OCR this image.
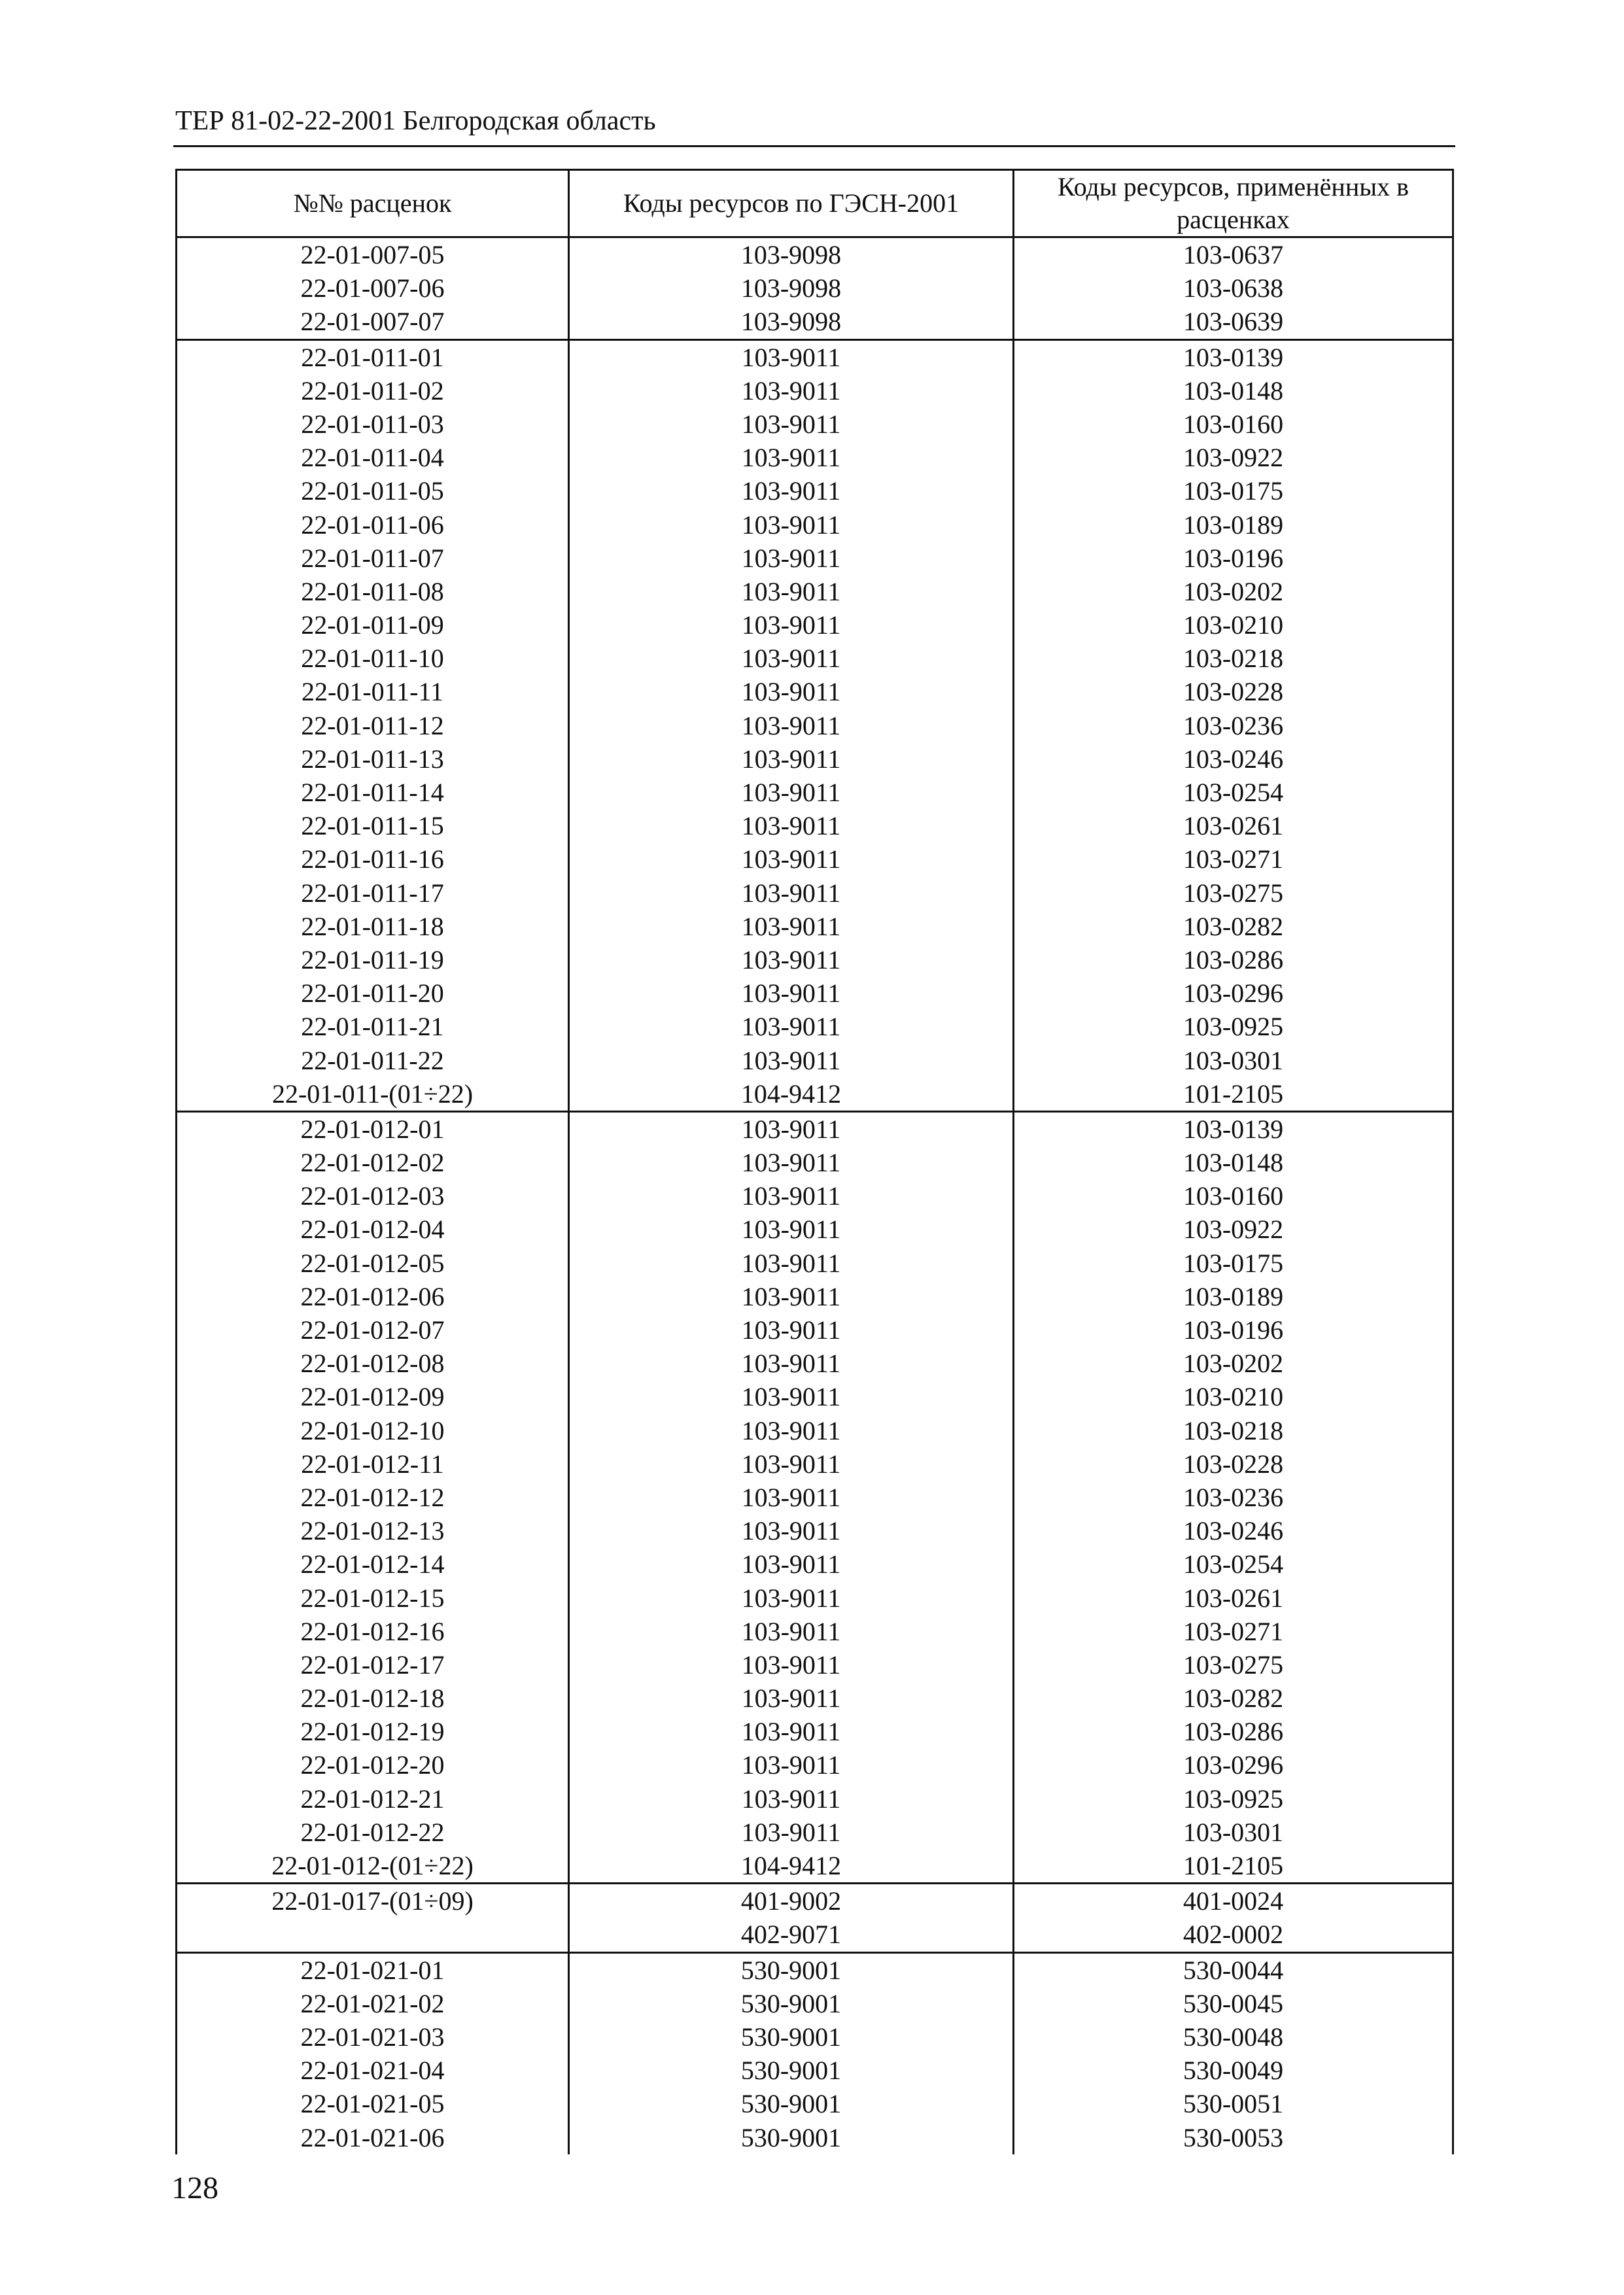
ТЕР 81-02-22-2001 Белгородская область
№№ расценок	Коды ресурсов по ГЭСН-2001	Коды ресурсов, применённых в расценках
22-01-007-05	103-9098	103-0637
22-01-007-06	103-9098	103-0638
22-01-007-07	103-9098	103-0639
22-01-011-01	103-9011	103-0139
22-01-011-02	103-9011	103-0148
22-01-011-03	103-9011	103-0160
22-01-011-04	103-9011	103-0922
22-01-011-05	103-9011	103-0175
22-01-011-06	103-9011	103-0189
22-01-011-07	103-9011	103-0196
22-01-011-08	103-9011	103-0202
22-01-011-09	103-9011	103-0210
22-01-011-10	103-9011	103-0218
22-01-011-11	103-9011	103-0228
22-01-011-12	103-9011	103-0236
22-01-011-13	103-9011	103-0246
22-01-011-14	103-9011	103-0254
22-01-011-15	103-9011	103-0261
22-01-011-16	103-9011	103-0271
22-01-011-17	103-9011	103-0275
22-01-011-18	103-9011	103-0282
22-01-011-19	103-9011	103-0286
22-01-011-20	103-9011	103-0296
22-01-011-21	103-9011	103-0925
22-01-011-22	103-9011	103-0301
22-01-011-(01÷22)	104-9412	101-2105
22-01-012-01	103-9011	103-0139
22-01-012-02	103-9011	103-0148
22-01-012-03	103-9011	103-0160
22-01-012-04	103-9011	103-0922
22-01-012-05	103-9011	103-0175
22-01-012-06	103-9011	103-0189
22-01-012-07	103-9011	103-0196
22-01-012-08	103-9011	103-0202
22-01-012-09	103-9011	103-0210
22-01-012-10	103-9011	103-0218
22-01-012-11	103-9011	103-0228
22-01-012-12	103-9011	103-0236
22-01-012-13	103-9011	103-0246
22-01-012-14	103-9011	103-0254
22-01-012-15	103-9011	103-0261
22-01-012-16	103-9011	103-0271
22-01-012-17	103-9011	103-0275
22-01-012-18	103-9011	103-0282
22-01-012-19	103-9011	103-0286
22-01-012-20	103-9011	103-0296
22-01-012-21	103-9011	103-0925
22-01-012-22	103-9011	103-0301
22-01-012-(01÷22)	104-9412	101-2105
22-01-017-(01÷09)	401-9002	401-0024
	402-9071	402-0002
22-01-021-01	530-9001	530-0044
22-01-021-02	530-9001	530-0045
22-01-021-03	530-9001	530-0048
22-01-021-04	530-9001	530-0049
22-01-021-05	530-9001	530-0051
22-01-021-06	530-9001	530-0053
128
